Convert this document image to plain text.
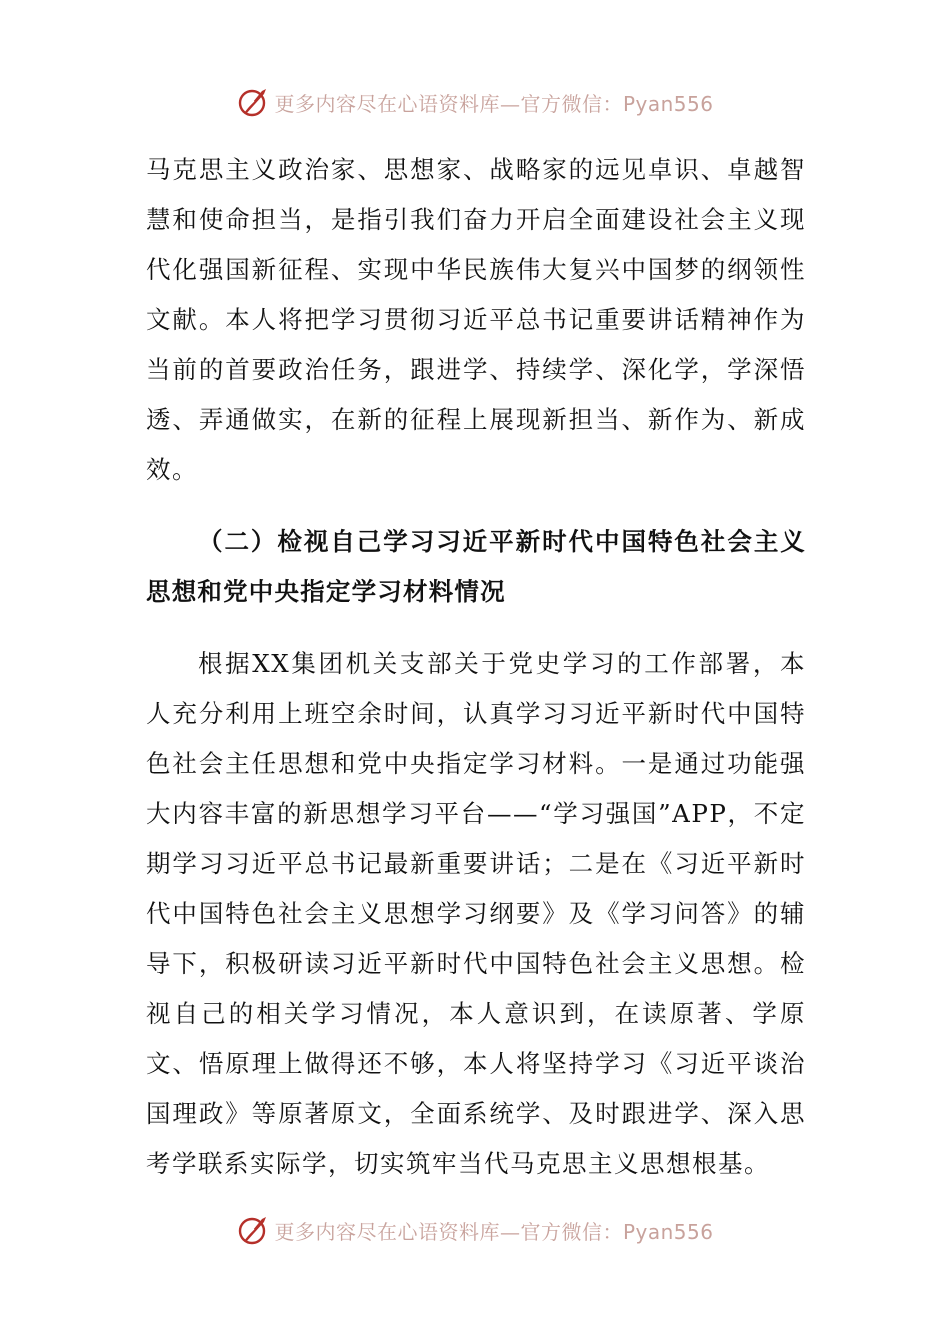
更多内容尽在心语资料库—官方微信：Pyan556

马克思主义政治家、思想家、战略家的远见卓识、卓越智慧和使命担当，是指引我们奋力开启全面建设社会主义现代化强国新征程、实现中华民族伟大复兴中国梦的纲领性文献。本人将把学习贯彻习近平总书记重要讲话精神作为当前的首要政治任务，跟进学、持续学、深化学，学深悟透、弄通做实，在新的征程上展现新担当、新作为、新成效。

（二）检视自己学习习近平新时代中国特色社会主义思想和党中央指定学习材料情况

根据XX集团机关支部关于党史学习的工作部署，本人充分利用上班空余时间，认真学习习近平新时代中国特色社会主任思想和党中央指定学习材料。一是通过功能强大内容丰富的新思想学习平台——“学习强国”APP，不定期学习习近平总书记最新重要讲话；二是在《习近平新时代中国特色社会主义思想学习纲要》及《学习问答》的辅导下，积极研读习近平新时代中国特色社会主义思想。检视自己的相关学习情况，本人意识到，在读原著、学原文、悟原理上做得还不够，本人将坚持学习《习近平谈治国理政》等原著原文，全面系统学、及时跟进学、深入思考学联系实际学，切实筑牢当代马克思主义思想根基。

更多内容尽在心语资料库—官方微信：Pyan556
